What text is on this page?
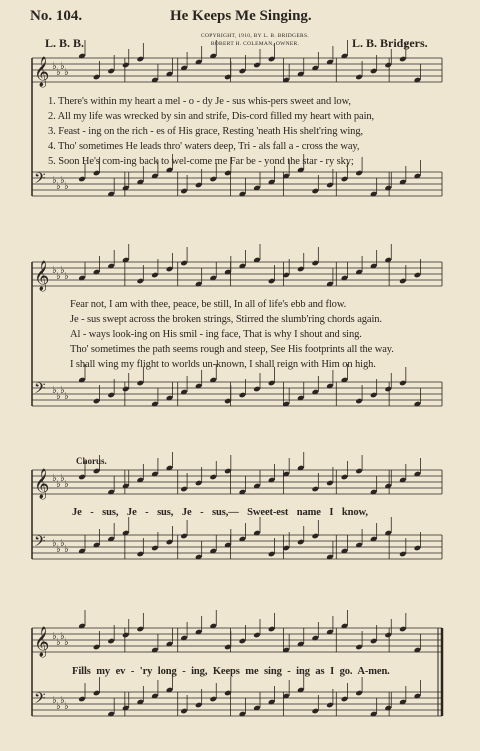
No. 104.	He Keeps Me Singing.
L. B. B.	L. B. Bridgers.
COPYRIGHT, 1910, BY L. B. BRIDGERS.
ROBERT H. COLEMAN, OWNER.
𝄞 ♭
♭
♭
♭
𝄢 ♭
♭
♭
♭
𝄞 ♭
♭
♭
♭
𝄢 ♭
♭
♭
♭
𝄞 ♭
♭
♭
♭
𝄢 ♭
♭
♭
♭
𝄞 ♭
♭
♭
♭
𝄢 ♭
♭
♭
♭
1. There's within my heart a mel - o - dy Je - sus whis-pers sweet and low,
2. All my life was wrecked by sin and strife, Dis-cord filled my heart with pain,
3. Feast - ing on the rich - es of His grace, Resting 'neath His shelt'ring wing,
4. Tho' sometimes He leads thro' waters deep, Tri - als fall a - cross the way,
5. Soon He's com-ing back to wel-come me Far be - yond the star - ry sky;
Fear not, I am with thee, peace, be still, In all of life's ebb and flow.
Je - sus swept across the broken strings, Stirred the slumb'ring chords again.
Al - ways look-ing on His smil - ing face, That is why I shout and sing.
Tho' sometimes the path seems rough and steep, See His footprints all the way.
I shall wing my flight to worlds un-known, I shall reign with Him on high.
Chorus.
Je - sus, Je - sus, Je - sus,— Sweet-est name I know,
Fills my ev - 'ry long - ing, Keeps me sing - ing as I go. A-men.
